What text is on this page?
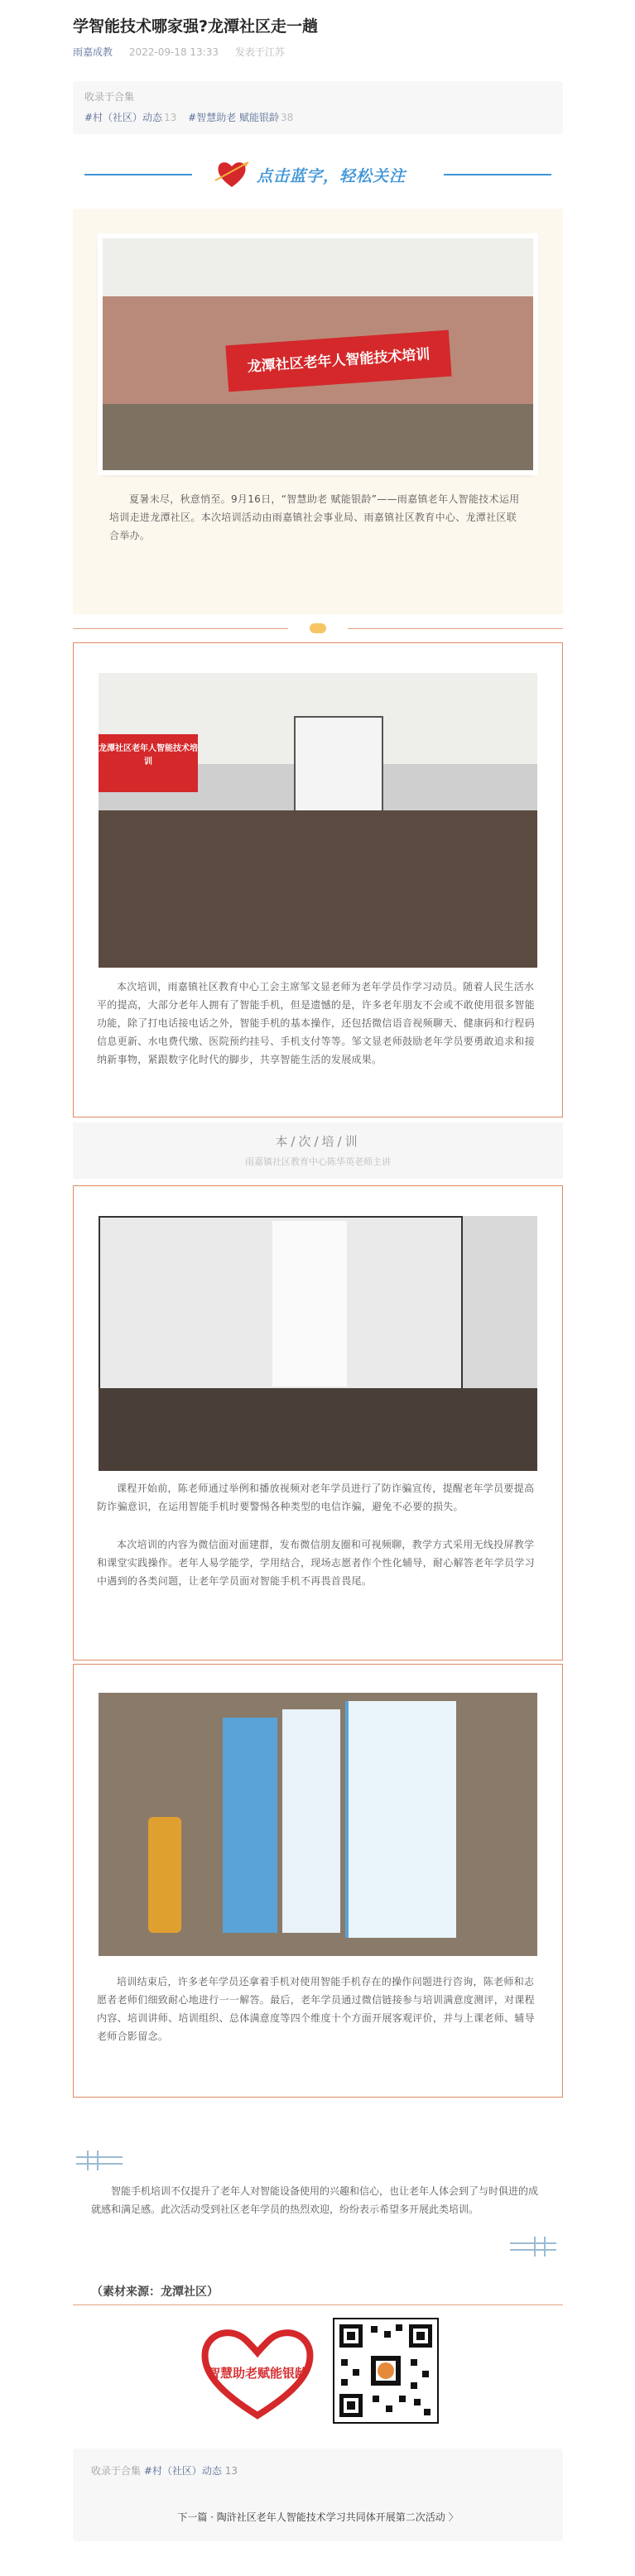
学智能技术哪家强?龙潭社区走一趟
雨嘉成教 2022-09-18 13:33 发表于江苏
收录于合集
#村（社区）动态 13 #智慧助老 赋能银龄 38
点击蓝字，轻松关注
龙潭社区老年人智能技术培训
夏暑未尽，秋意悄至。9月16日，“智慧助老 赋能银龄”——雨嘉镇老年人智能技术运用培训走进龙潭社区。本次培训活动由雨嘉镇社会事业局、雨嘉镇社区教育中心、龙潭社区联合举办。
龙潭社区老年人智能技术培训
本次培训，雨嘉镇社区教育中心工会主席邹文显老师为老年学员作学习动员。随着人民生活水平的提高，大部分老年人拥有了智能手机，但是遗憾的是，许多老年朋友不会或不敢使用很多智能功能，除了打电话接电话之外，智能手机的基本操作，还包括微信语音视频聊天、健康码和行程码信息更新、水电费代缴、医院预约挂号、手机支付等等。邹文显老师鼓励老年学员要勇敢追求和接纳新事物，紧跟数字化时代的脚步，共享智能生活的发展成果。
本/次/培/训
雨嘉镇社区教育中心陈华英老师主讲
课程开始前，陈老师通过举例和播放视频对老年学员进行了防诈骗宣传，提醒老年学员要提高防诈骗意识，在运用智能手机时要警惕各种类型的电信诈骗，避免不必要的损失。
本次培训的内容为微信面对面建群，发布微信朋友圈和可视频聊，教学方式采用无线投屏教学和课堂实践操作。老年人易学能学，学用结合，现场志愿者作个性化辅导，耐心解答老年学员学习中遇到的各类问题，让老年学员面对智能手机不再畏首畏尾。
培训结束后，许多老年学员还拿着手机对使用智能手机存在的操作问题进行咨询，陈老师和志愿者老师们细致耐心地进行一一解答。最后，老年学员通过微信链接参与培训满意度测评，对课程内容、培训讲师、培训组织、总体满意度等四个维度十个方面开展客观评价，并与上课老师、辅导老师合影留念。
智能手机培训不仅提升了老年人对智能设备使用的兴趣和信心，也让老年人体会到了与时俱进的成就感和满足感。此次活动受到社区老年学员的热烈欢迎，纷纷表示希望多开展此类培训。
（素材来源：龙潭社区）
智慧助老赋能银龄
收录于合集 #村（社区）动态 13
下一篇 · 陶浒社区老年人智能技术学习共同体开展第二次活动 〉
